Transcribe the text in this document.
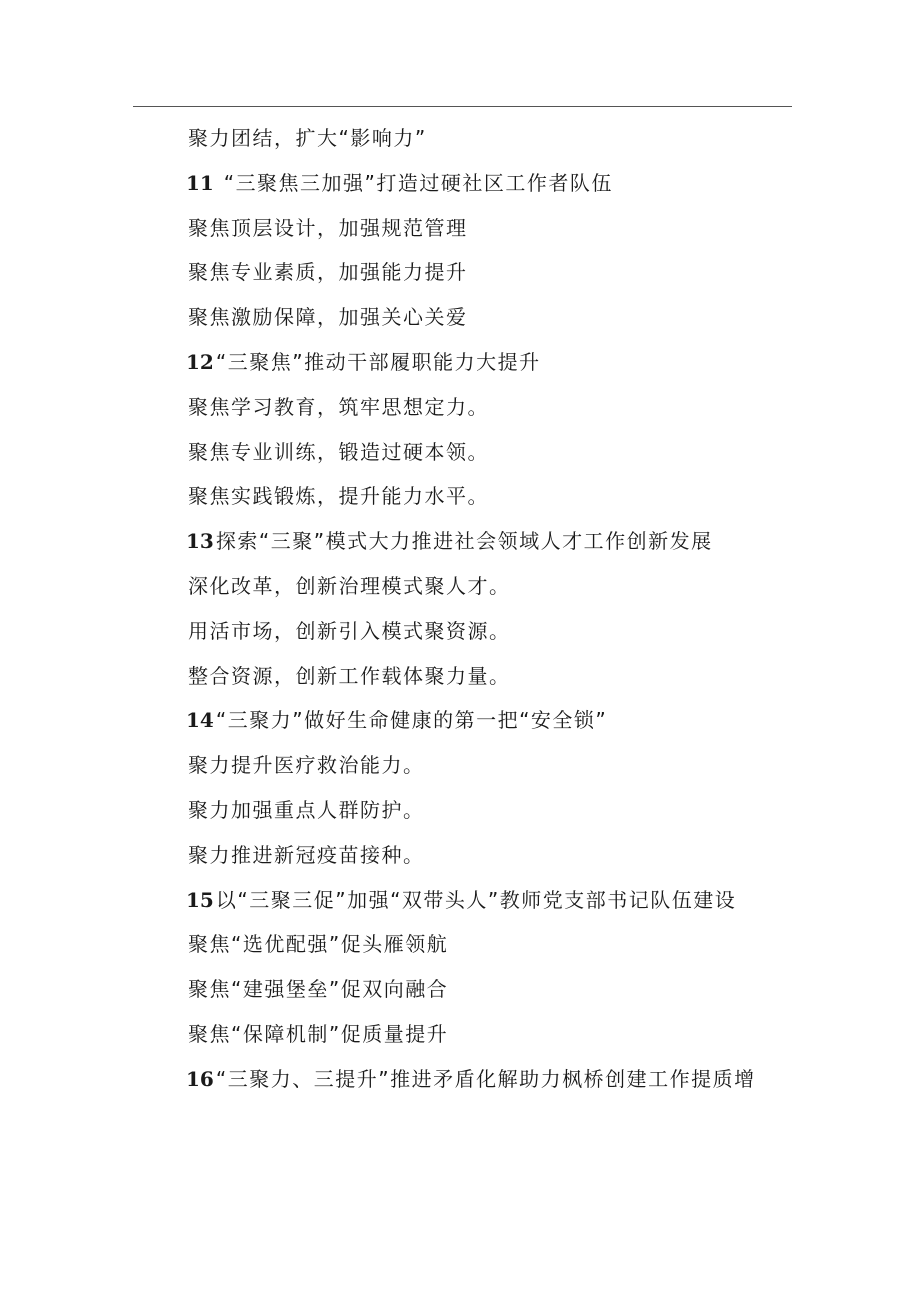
聚力团结，扩大“影响力”
11 “三聚焦三加强”打造过硬社区工作者队伍
聚焦顶层设计，加强规范管理
聚焦专业素质，加强能力提升
聚焦激励保障，加强关心关爱
12 “三聚焦”推动干部履职能力大提升
聚焦学习教育，筑牢思想定力。
聚焦专业训练，锻造过硬本领。
聚焦实践锻炼，提升能力水平。
13 探索“三聚”模式大力推进社会领域人才工作创新发展
深化改革，创新治理模式聚人才。
用活市场，创新引入模式聚资源。
整合资源，创新工作载体聚力量。
14 “三聚力”做好生命健康的第一把“安全锁”
聚力提升医疗救治能力。
聚力加强重点人群防护。
聚力推进新冠疫苗接种。
15 以“三聚三促”加强“双带头人”教师党支部书记队伍建设
聚焦“选优配强”促头雁领航
聚焦“建强堡垒”促双向融合
聚焦“保障机制”促质量提升
16 “三聚力、三提升”推进矛盾化解助力枫桥创建工作提质增
